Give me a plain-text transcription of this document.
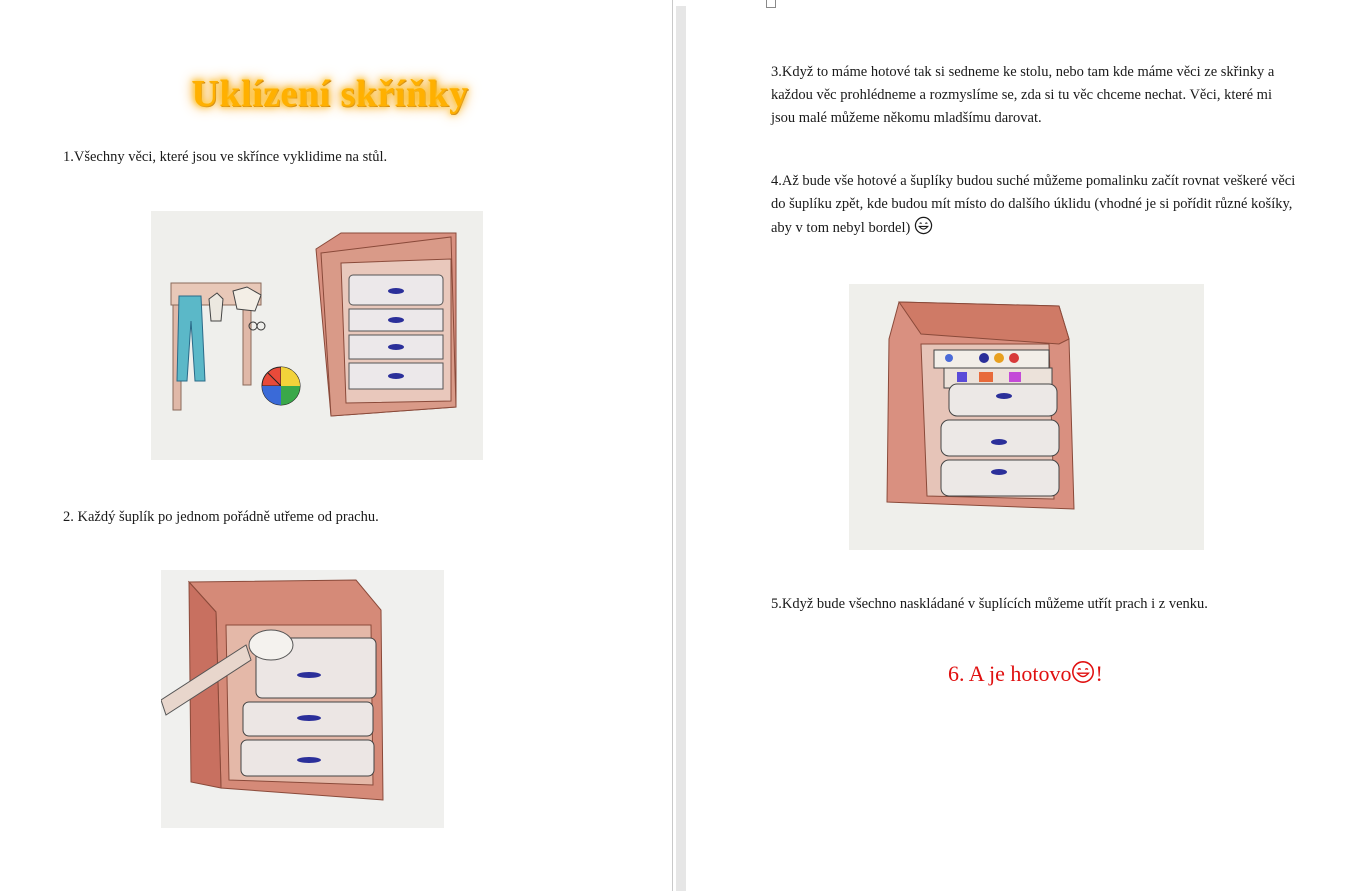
Uklízení skříňky

1.Všechny věci, které jsou ve skřínce vyklidime na stůl.

2. Každý šuplík po jednom pořádně utřeme od prachu.

3.Když to máme hotové tak si sedneme ke stolu, nebo tam kde máme věci ze skřinky a každou věc prohlédneme a rozmyslíme se, zda si tu věc chceme nechat. Věci, které mi jsou malé můžeme někomu mladšímu darovat.

4.Až bude vše hotové a šuplíky budou suché můžeme pomalinku začít rovnat veškeré věci do šuplíku zpět, kde budou mít místo do dalšího úklidu (vhodné je si pořídit různé košíky, aby v tom nebyl bordel)

5.Když bude všechno naskládané v šuplících můžeme utřít prach i z venku.

6. A je hotovo !
